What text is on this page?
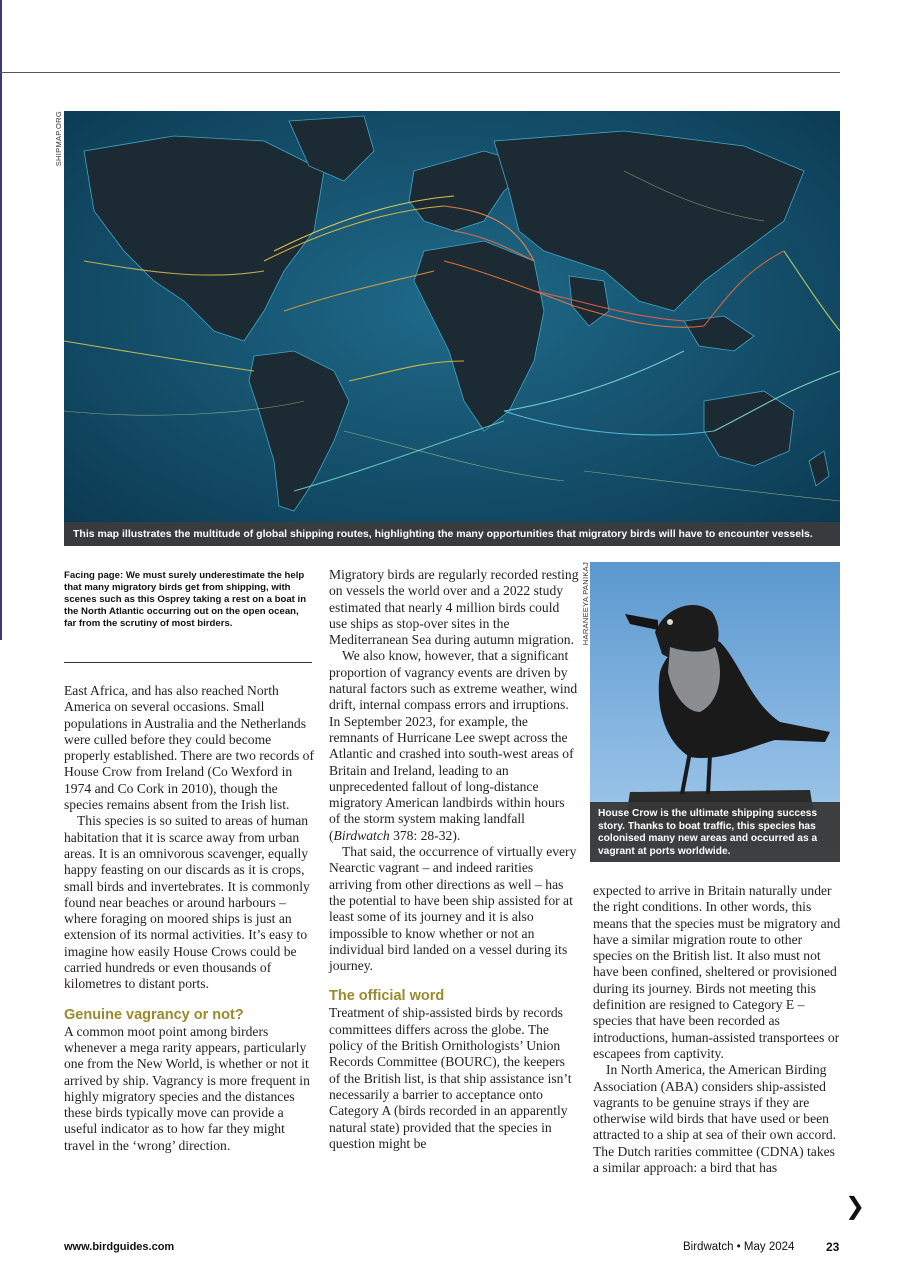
SHIPMAP.ORG
This map illustrates the multitude of global shipping routes, highlighting the many opportunities that migratory birds will have to encounter vessels.

Facing page: We must surely underestimate the help that many migratory birds get from shipping, with scenes such as this Osprey taking a rest on a boat in the North Atlantic occurring out on the open ocean, far from the scrutiny of most birders.

East Africa, and has also reached North America on several occasions. Small populations in Australia and the Netherlands were culled before they could become properly established. There are two records of House Crow from Ireland (Co Wexford in 1974 and Co Cork in 2010), though the species remains absent from the Irish list.

This species is so suited to areas of human habitation that it is scarce away from urban areas. It is an omnivorous scavenger, equally happy feasting on our discards as it is crops, small birds and invertebrates. It is commonly found near beaches or around harbours – where foraging on moored ships is just an extension of its normal activities. It’s easy to imagine how easily House Crows could be carried hundreds or even thousands of kilometres to distant ports.

Genuine vagrancy or not?

A common moot point among birders whenever a mega rarity appears, particularly one from the New World, is whether or not it arrived by ship. Vagrancy is more frequent in highly migratory species and the distances these birds typically move can provide a useful indicator as to how far they might travel in the ‘wrong’ direction.

Migratory birds are regularly recorded resting on vessels the world over and a 2022 study estimated that nearly 4 million birds could use ships as stop-over sites in the Mediterranean Sea during autumn migration.

We also know, however, that a significant proportion of vagrancy events are driven by natural factors such as extreme weather, wind drift, internal compass errors and irruptions. In September 2023, for example, the remnants of Hurricane Lee swept across the Atlantic and crashed into south-west areas of Britain and Ireland, leading to an unprecedented fallout of long-distance migratory American landbirds within hours of the storm system making landfall (Birdwatch 378: 28-32).

That said, the occurrence of virtually every Nearctic vagrant – and indeed rarities arriving from other directions as well – has the potential to have been ship assisted for at least some of its journey and it is also impossible to know whether or not an individual bird landed on a vessel during its journey.

The official word

Treatment of ship-assisted birds by records committees differs across the globe. The policy of the British Ornithologists’ Union Records Committee (BOURC), the keepers of the British list, is that ship assistance isn’t necessarily a barrier to acceptance onto Category A (birds recorded in an apparently natural state) provided that the species in question might be

HARANEEYA PANIKAJ
House Crow is the ultimate shipping success story. Thanks to boat traffic, this species has colonised many new areas and occurred as a vagrant at ports worldwide.

expected to arrive in Britain naturally under the right conditions. In other words, this means that the species must be migratory and have a similar migration route to other species on the British list. It also must not have been confined, sheltered or provisioned during its journey. Birds not meeting this definition are resigned to Category E – species that have been recorded as introductions, human-assisted transportees or escapees from captivity.

In North America, the American Birding Association (ABA) considers ship-assisted vagrants to be genuine strays if they are otherwise wild birds that have used or been attracted to a ship at sea of their own accord. The Dutch rarities committee (CDNA) takes a similar approach: a bird that has

www.birdguides.com	Birdwatch • May 2024	23
❯
